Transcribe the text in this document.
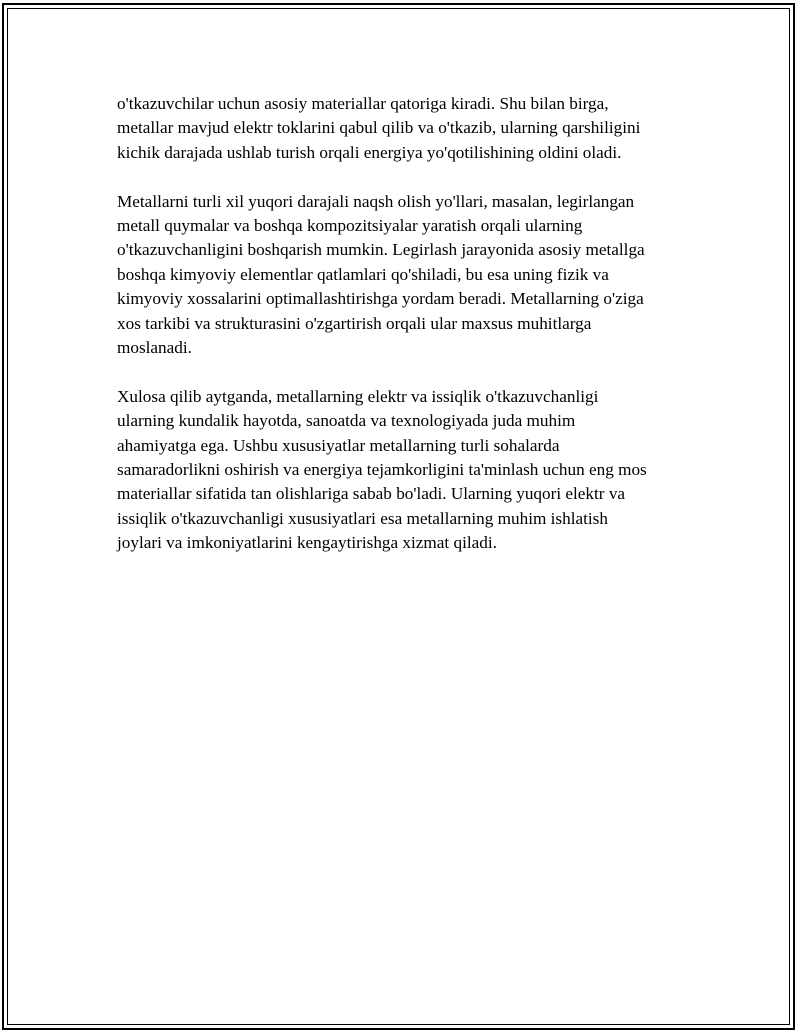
o'tkazuvchilar uchun asosiy materiallar qatoriga kiradi. Shu bilan birga,
metallar mavjud elektr toklarini qabul qilib va o'tkazib, ularning qarshiligini
kichik darajada ushlab turish orqali energiya yo'qotilishining oldini oladi.

Metallarni turli xil yuqori darajali naqsh olish yo'llari, masalan, legirlangan
metall quymalar va boshqa kompozitsiyalar yaratish orqali ularning
o'tkazuvchanligini boshqarish mumkin. Legirlash jarayonida asosiy metallga
boshqa kimyoviy elementlar qatlamlari qo'shiladi, bu esa uning fizik va
kimyoviy xossalarini optimallashtirishga yordam beradi. Metallarning o'ziga
xos tarkibi va strukturasini o'zgartirish orqali ular maxsus muhitlarga
moslanadi.

Xulosa qilib aytganda, metallarning elektr va issiqlik o'tkazuvchanligi
ularning kundalik hayotda, sanoatda va texnologiyada juda muhim
ahamiyatga ega. Ushbu xususiyatlar metallarning turli sohalarda
samaradorlikni oshirish va energiya tejamkorligini ta'minlash uchun eng mos
materiallar sifatida tan olishlariga sabab bo'ladi. Ularning yuqori elektr va
issiqlik o'tkazuvchanligi xususiyatlari esa metallarning muhim ishlatish
joylari va imkoniyatlarini kengaytirishga xizmat qiladi.
